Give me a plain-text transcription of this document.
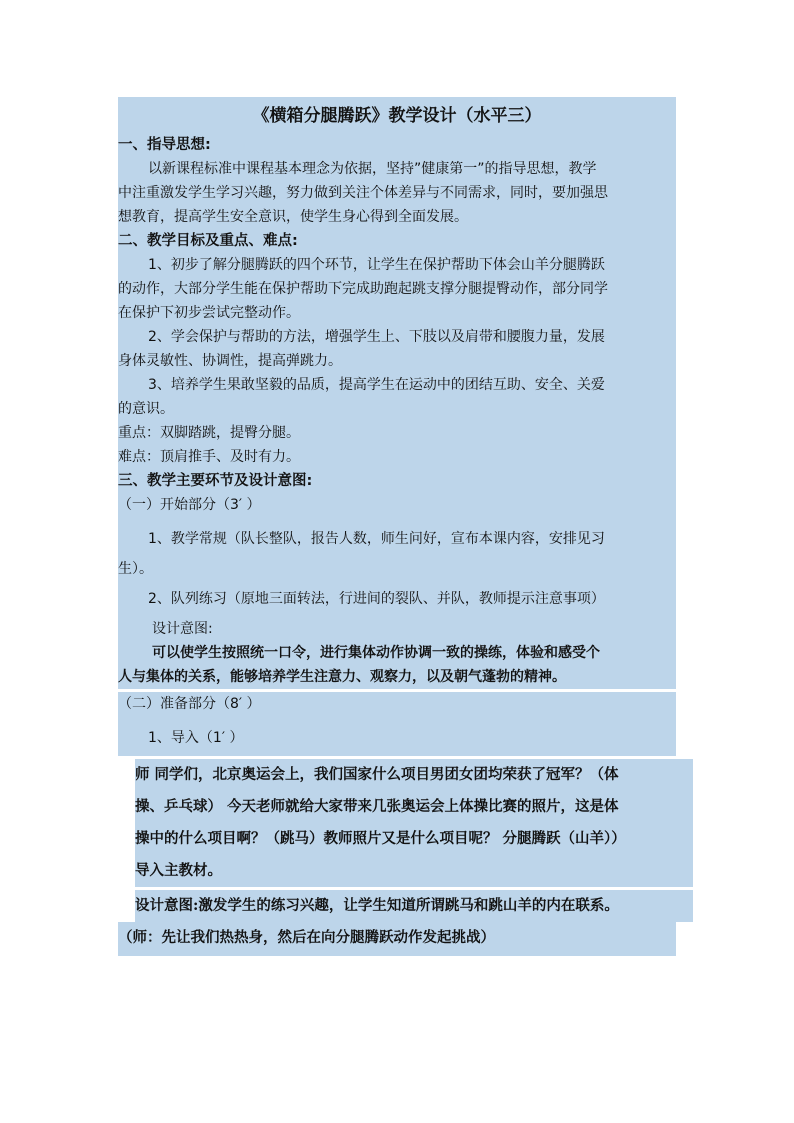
《横箱分腿腾跃》教学设计（水平三）
一、指导思想:
以新课程标准中课程基本理念为依据，坚持”健康第一”的指导思想，教学
中注重激发学生学习兴趣，努力做到关注个体差异与不同需求，同时，要加强思
想教育，提高学生安全意识，使学生身心得到全面发展。
二、教学目标及重点、难点:
1、初步了解分腿腾跃的四个环节，让学生在保护帮助下体会山羊分腿腾跃
的动作，大部分学生能在保护帮助下完成助跑起跳支撑分腿提臀动作，部分同学
在保护下初步尝试完整动作。
2、学会保护与帮助的方法，增强学生上、下肢以及肩带和腰腹力量，发展
身体灵敏性、协调性，提高弹跳力。
3、培养学生果敢坚毅的品质，提高学生在运动中的团结互助、安全、关爱
的意识。
重点：双脚踏跳，提臀分腿。
难点：顶肩推手、及时有力。
三、教学主要环节及设计意图:
（一）开始部分（3′ ）
1、教学常规（队长整队，报告人数，师生问好，宣布本课内容，安排见习
生）。
2、队列练习（原地三面转法，行进间的裂队、并队，教师提示注意事项）
设计意图:
可以使学生按照统一口令，进行集体动作协调一致的操练，体验和感受个
人与集体的关系，能够培养学生注意力、观察力，以及朝气蓬勃的精神。
（二）准备部分（8′ ）
1、导入（1′ ）
师 同学们，北京奥运会上，我们国家什么项目男团女团均荣获了冠军？（体
操、乒乓球） 今天老师就给大家带来几张奥运会上体操比赛的照片，这是体
操中的什么项目啊？（跳马）教师照片又是什么项目呢？ 分腿腾跃（山羊））
导入主教材。
设计意图:激发学生的练习兴趣，让学生知道所谓跳马和跳山羊的内在联系。
（师：先让我们热热身，然后在向分腿腾跃动作发起挑战）
